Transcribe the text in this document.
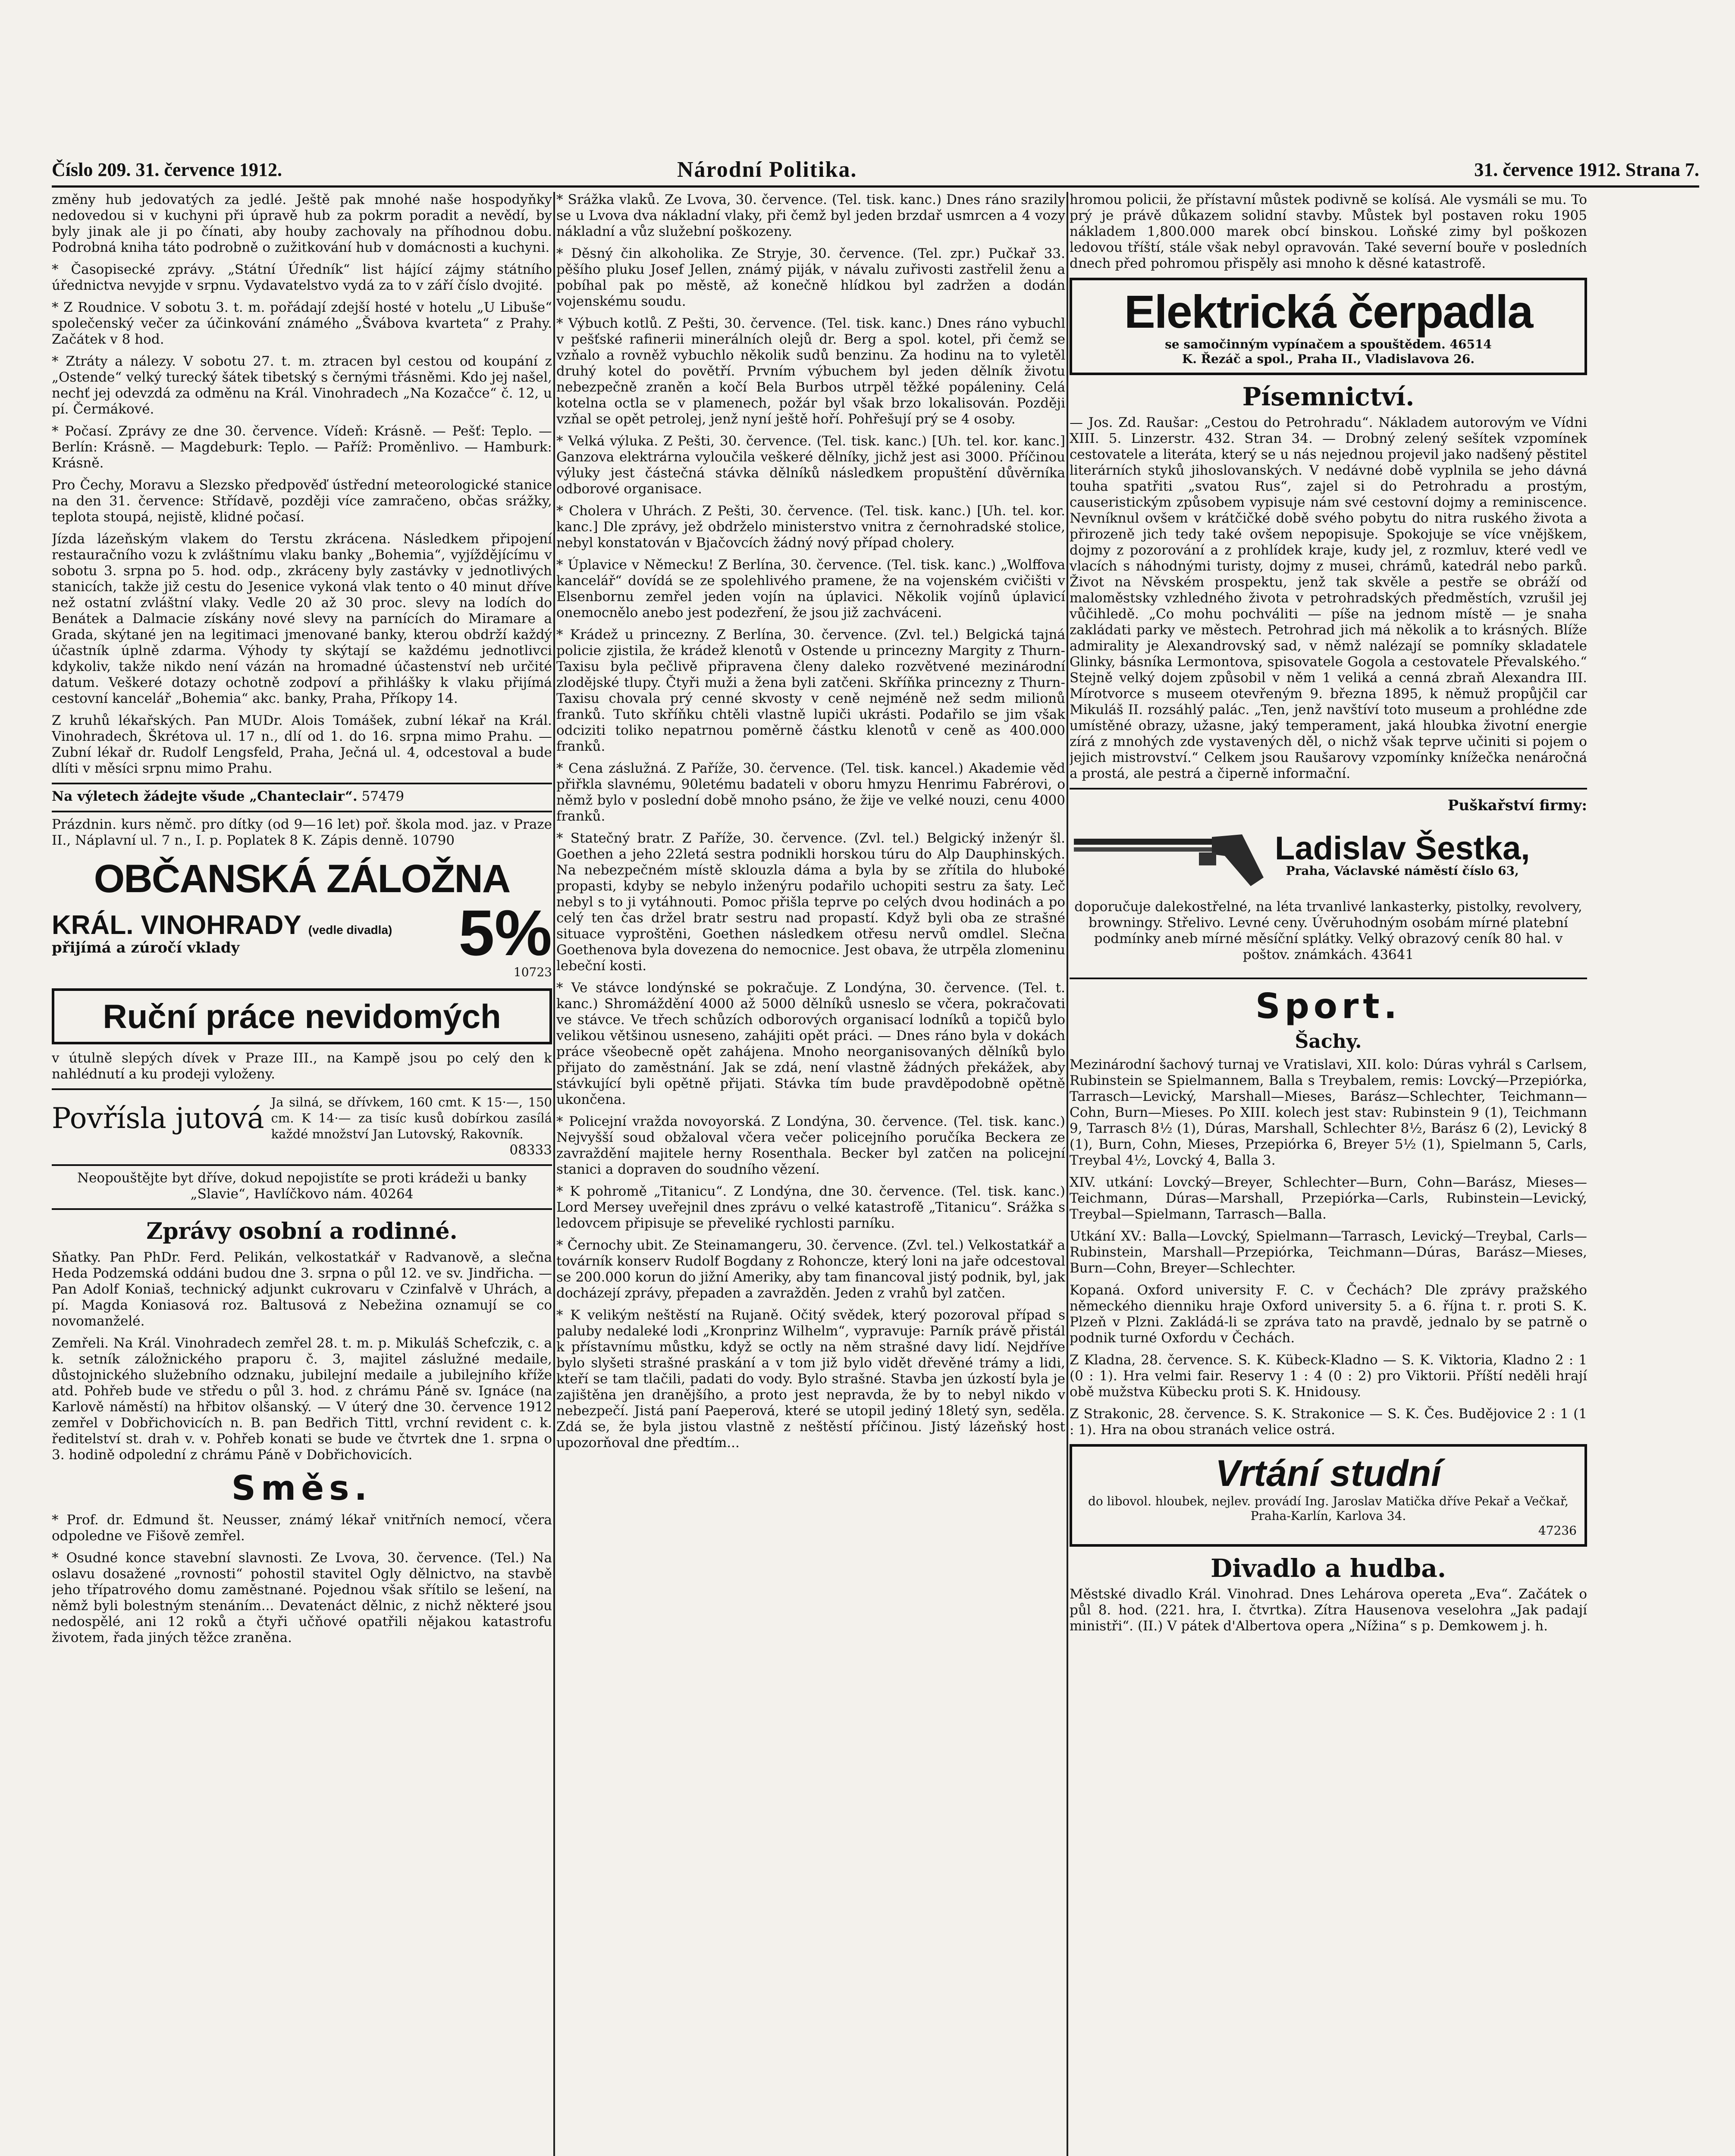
Číslo 209. 31. července 1912.	Národní Politika.	31. července 1912. Strana 7.

změny hub jedovatých za jedlé. Ještě pak mnohé naše hospodyňky nedovedou si v kuchyni při úpravě hub za pokrm poradit a nevědí, by byly jinak ale ji po čínati, aby houby zachovaly na příhodnou dobu. Podrobná kniha táto podrobně o zužitkování hub v domácnosti a kuchyni.

* Časopisecké zprávy. „Státní Úředník“ list hájící zájmy státního úřednictva nevyjde v srpnu. Vydavatelstvo vydá za to v září číslo dvojité.

* Z Roudnice. V sobotu 3. t. m. pořádají zdejší hosté v hotelu „U Libuše“ společenský večer za účinkování známého „Švábova kvarteta“ z Prahy. Začátek v 8 hod.

* Ztráty a nálezy. V sobotu 27. t. m. ztracen byl cestou od koupání z „Ostende“ velký turecký šátek tibetský s černými třásněmi. Kdo jej našel, nechť jej odevzdá za odměnu na Král. Vinohradech „Na Kozačce“ č. 12, u pí. Čermákové.

* Počasí. Zprávy ze dne 30. července. Vídeň: Krásně. — Pešť: Teplo. — Berlín: Krásně. — Magdeburk: Teplo. — Paříž: Proměnlivo. — Hamburk: Krásně.

Pro Čechy, Moravu a Slezsko předpověď ústřední meteorologické stanice na den 31. července: Střídavě, později více zamračeno, občas srážky, teplota stoupá, nejistě, klidné počasí.

Jízda lázeňským vlakem do Terstu zkrácena. Následkem připojení restauračního vozu k zvláštnímu vlaku banky „Bohemia“, vyjíždějícímu v sobotu 3. srpna po 5. hod. odp., zkráceny byly zastávky v jednotlivých stanicích, takže již cestu do Jesenice vykoná vlak tento o 40 minut dříve než ostatní zvláštní vlaky. Vedle 20 až 30 proc. slevy na lodích do Benátek a Dalmacie získány nové slevy na parnících do Miramare a Grada, skýtané jen na legitimaci jmenované banky, kterou obdrží každý účastník úplně zdarma. Výhody ty skýtají se každému jednotlivci kdykoliv, takže nikdo není vázán na hromadné účastenství neb určité datum. Veškeré dotazy ochotně zodpoví a přihlášky k vlaku přijímá cestovní kancelář „Bohemia“ akc. banky, Praha, Příkopy 14.

Z kruhů lékařských. Pan MUDr. Alois Tomášek, zubní lékař na Král. Vinohradech, Škrétova ul. 17 n., dlí od 1. do 16. srpna mimo Prahu. — Zubní lékař dr. Rudolf Lengsfeld, Praha, Ječná ul. 4, odcestoval a bude dlíti v měsíci srpnu mimo Prahu.

Na výletech žádejte všude „Chanteclair“. 57479

Prázdnin. kurs němč. pro dítky (od 9—16 let) poř. škola mod. jaz. v Praze II., Náplavní ul. 7 n., I. p. Poplatek 8 K. Zápis denně. 10790

OBČANSKÁ ZÁLOŽNA
KRÁL. VINOHRADY (vedle divadla)
přijímá a zúročí vklady	5%
10723
Ruční práce nevidomých

v útulně slepých dívek v Praze III., na Kampě jsou po celý den k nahlédnutí a ku prodeji vyloženy.

Povřísla jutová Ja silná, se dřívkem, 160 cmt. K 15·—, 150 cm. K 14·— za tisíc kusů dobírkou zasílá každé množství Jan Lutovský, Rakovník.

08333

Neopouštějte byt dříve, dokud nepojistíte se proti krádeži u banky „Slavie“, Havlíčkovo nám. 40264

Zprávy osobní a rodinné.

Sňatky. Pan PhDr. Ferd. Pelikán, velkostatkář v Radvanově, a slečna Heda Podzemská oddáni budou dne 3. srpna o půl 12. ve sv. Jindřicha. — Pan Adolf Koniaš, technický adjunkt cukrovaru v Czinfalvě v Uhrách, a pí. Magda Koniasová roz. Baltusová z Nebežina oznamují se co novomanželé.

Zemřeli. Na Král. Vinohradech zemřel 28. t. m. p. Mikuláš Schefczik, c. a k. setník záložnického praporu č. 3, majitel záslužné medaile, důstojnického služebního odznaku, jubilejní medaile a jubilejního kříže atd. Pohřeb bude ve středu o půl 3. hod. z chrámu Páně sv. Ignáce (na Karlově náměstí) na hřbitov olšanský. — V úterý dne 30. července 1912 zemřel v Dobřichovicích n. B. pan Bedřich Tittl, vrchní revident c. k. ředitelství st. drah v. v. Pohřeb konati se bude ve čtvrtek dne 1. srpna o 3. hodině odpolední z chrámu Páně v Dobřichovicích.

Směs.

* Prof. dr. Edmund št. Neusser, známý lékař vnitřních nemocí, včera odpoledne ve Fišově zemřel.

* Osudné konce stavební slavnosti. Ze Lvova, 30. července. (Tel.) Na oslavu dosažené „rovnosti“ pohostil stavitel Ogly dělnictvo, na stavbě jeho třípatrového domu zaměstnané. Pojednou však sřítilo se lešení, na němž byli bolestným stenáním... Devatenáct dělnic, z nichž některé jsou nedospělé, ani 12 roků a čtyři učňové opatřili nějakou katastrofu životem, řada jiných těžce zraněna.

* Srážka vlaků. Ze Lvova, 30. července. (Tel. tisk. kanc.) Dnes ráno srazily se u Lvova dva nákladní vlaky, při čemž byl jeden brzdař usmrcen a 4 vozy nákladní a vůz služební poškozeny.

* Děsný čin alkoholika. Ze Stryje, 30. července. (Tel. zpr.) Pučkař 33. pěšího pluku Josef Jellen, známý piják, v návalu zuřivosti zastřelil ženu a pobíhal pak po městě, až konečně hlídkou byl zadržen a dodán vojenskému soudu.

* Výbuch kotlů. Z Pešti, 30. července. (Tel. tisk. kanc.) Dnes ráno vybuchl v pešťské rafinerii minerálních olejů dr. Berg a spol. kotel, při čemž se vzňalo a rovněž vybuchlo několik sudů benzinu. Za hodinu na to vyletěl druhý kotel do povětří. Prvním výbuchem byl jeden dělník životu nebezpečně zraněn a kočí Bela Burbos utrpěl těžké popáleniny. Celá kotelna octla se v plamenech, požár byl však brzo lokalisován. Později vzňal se opět petrolej, jenž nyní ještě hoří. Pohřešují prý se 4 osoby.

* Velká výluka. Z Pešti, 30. července. (Tel. tisk. kanc.) [Uh. tel. kor. kanc.] Ganzova elektrárna vyloučila veškeré dělníky, jichž jest asi 3000. Příčinou výluky jest částečná stávka dělníků následkem propuštění důvěrníka odborové organisace.

* Cholera v Uhrách. Z Pešti, 30. července. (Tel. tisk. kanc.) [Uh. tel. kor. kanc.] Dle zprávy, jež obdrželo ministerstvo vnitra z černohradské stolice, nebyl konstatován v Bjačovcích žádný nový případ cholery.

* Úplavice v Německu! Z Berlína, 30. července. (Tel. tisk. kanc.) „Wolffova kancelář“ dovídá se ze spolehlivého pramene, že na vojenském cvičišti v Elsenbornu zemřel jeden vojín na úplavici. Několik vojínů úplavicí onemocnělo anebo jest podezření, že jsou již zachváceni.

* Krádež u princezny. Z Berlína, 30. července. (Zvl. tel.) Belgická tajná policie zjistila, že krádež klenotů v Ostende u princezny Margity z Thurn-Taxisu byla pečlivě připravena členy daleko rozvětvené mezinárodní zlodějské tlupy. Čtyři muži a žena byli zatčeni. Skříňka princezny z Thurn-Taxisu chovala prý cenné skvosty v ceně nejméně než sedm milionů franků. Tuto skříňku chtěli vlastně lupiči ukrásti. Podařilo se jim však odciziti toliko nepatrnou poměrně částku klenotů v ceně as 400.000 franků.

* Cena záslužná. Z Paříže, 30. července. (Tel. tisk. kancel.) Akademie věd přiřkla slavnému, 90letému badateli v oboru hmyzu Henrimu Fabrérovi, o němž bylo v poslední době mnoho psáno, že žije ve velké nouzi, cenu 4000 franků.

* Statečný bratr. Z Paříže, 30. července. (Zvl. tel.) Belgický inženýr šl. Goethen a jeho 22letá sestra podnikli horskou túru do Alp Dauphinských. Na nebezpečném místě sklouzla dáma a byla by se zřítila do hluboké propasti, kdyby se nebylo inženýru podařilo uchopiti sestru za šaty. Leč nebyl s to ji vytáhnouti. Pomoc přišla teprve po celých dvou hodinách a po celý ten čas držel bratr sestru nad propastí. Když byli oba ze strašné situace vyproštěni, Goethen následkem otřesu nervů omdlel. Slečna Goethenova byla dovezena do nemocnice. Jest obava, že utrpěla zlomeninu lebeční kosti.

* Ve stávce londýnské se pokračuje. Z Londýna, 30. července. (Tel. t. kanc.) Shromáždění 4000 až 5000 dělníků usneslo se včera, pokračovati ve stávce. Ve třech schůzích odborových organisací lodníků a topičů bylo velikou většinou usneseno, zahájiti opět práci. — Dnes ráno byla v dokách práce všeobecně opět zahájena. Mnoho neorganisovaných dělníků bylo přijato do zaměstnání. Jak se zdá, není vlastně žádných překážek, aby stávkující byli opětně přijati. Stávka tím bude pravděpodobně opětně ukončena.

* Policejní vražda novoyorská. Z Londýna, 30. července. (Tel. tisk. kanc.) Nejvyšší soud obžaloval včera večer policejního poručíka Beckera ze zavraždění majitele herny Rosenthala. Becker byl zatčen na policejní stanici a dopraven do soudního vězení.

* K pohromě „Titanicu“. Z Londýna, dne 30. července. (Tel. tisk. kanc.) Lord Mersey uveřejnil dnes zprávu o velké katastrofě „Titanicu“. Srážka s ledovcem připisuje se převeliké rychlosti parníku.

* Černochy ubit. Ze Steinamangeru, 30. července. (Zvl. tel.) Velkostatkář a továrník konserv Rudolf Bogdany z Rohoncze, který loni na jaře odcestoval se 200.000 korun do jižní Ameriky, aby tam financoval jistý podnik, byl, jak docházejí zprávy, přepaden a zavražděn. Jeden z vrahů byl zatčen.

* K velikým neštěstí na Rujaně. Očitý svědek, který pozoroval případ s paluby nedaleké lodi „Kronprinz Wilhelm“, vypravuje: Parník právě přistál k přístavnímu můstku, když se octly na něm strašné davy lidí. Nejdříve bylo slyšeti strašné praskání a v tom již bylo vidět dřevěné trámy a lidi, kteří se tam tlačili, padati do vody. Bylo strašné. Stavba jen úzkostí byla je zajištěna jen dranějšího, a proto jest nepravda, že by to nebyl nikdo v nebezpečí. Jistá paní Paeperová, které se utopil jediný 18letý syn, seděla. Zdá se, že byla jistou vlastně z neštěstí příčinou. Jistý lázeňský host upozorňoval dne předtím...

hromou policii, že přístavní můstek podivně se kolísá. Ale vysmáli se mu. To prý je právě důkazem solidní stavby. Můstek byl postaven roku 1905 nákladem 1,800.000 marek obcí binskou. Loňské zimy byl poškozen ledovou tříští, stále však nebyl opravován. Také severní bouře v posledních dnech před pohromou přispěly asi mnoho k děsné katastrofě.

Elektrická čerpadla
se samočinným vypínačem a spouštědem. 46514
K. Řezáč a spol., Praha II., Vladislavova 26.
Písemnictví.

— Jos. Zd. Raušar: „Cestou do Petrohradu“. Nákladem autorovým ve Vídni XIII. 5. Linzerstr. 432. Stran 34. — Drobný zelený sešítek vzpomínek cestovatele a literáta, který se u nás nejednou projevil jako nadšený pěstitel literárních styků jihoslovanských. V nedávné době vyplnila se jeho dávná touha spatřiti „svatou Rus“, zajel si do Petrohradu a prostým, causeristickým způsobem vypisuje nám své cestovní dojmy a reminiscence. Nevníknul ovšem v krátčičké době svého pobytu do nitra ruského života a přirozeně jich tedy také ovšem nepopisuje. Spokojuje se více vnějškem, dojmy z pozorování a z prohlídek kraje, kudy jel, z rozmluv, které vedl ve vlacích s náhodnými turisty, dojmy z musei, chrámů, katedrál nebo parků. Život na Něvském prospektu, jenž tak skvěle a pestře se obráží od maloměstsky vzhledného života v petrohradských předměstích, vzrušil jej vůčihledě. „Co mohu pochváliti — píše na jednom místě — je snaha zakládati parky ve městech. Petrohrad jich má několik a to krásných. Blíže admirality je Alexandrovský sad, v němž nalézají se pomníky skladatele Glinky, básníka Lermontova, spisovatele Gogola a cestovatele Převalského.“ Stejně velký dojem způsobil v něm 1 veliká a cenná zbraň Alexandra III. Mírotvorce s museem otevřeným 9. března 1895, k němuž propůjčil car Mikuláš II. rozsáhlý palác. „Ten, jenž navštíví toto museum a prohlédne zde umístěné obrazy, užasne, jaký temperament, jaká hloubka životní energie zírá z mnohých zde vystavených děl, o nichž však teprve učiniti si pojem o jejich mistrovství.“ Celkem jsou Raušarovy vzpomínky knížečka nenáročná a prostá, ale pestrá a čiperně informační.

Puškařství firmy:
Ladislav Šestka,
Praha, Václavské náměstí číslo 63,

doporučuje dalekostřelné, na léta trvanlivé lankasterky, pistolky, revolvery, browningy. Střelivo. Levné ceny. Úvěruhodným osobám mírné platební podmínky aneb mírné měsíční splátky. Velký obrazový ceník 80 hal. v poštov. známkách. 43641

Sport.
Šachy.

Mezinárodní šachový turnaj ve Vratislavi, XII. kolo: Dúras vyhrál s Carlsem, Rubinstein se Spielmannem, Balla s Treybalem, remis: Lovcký—Przepiórka, Tarrasch—Levický, Marshall—Mieses, Barász—Schlechter, Teichmann—Cohn, Burn—Mieses. Po XIII. kolech jest stav: Rubinstein 9 (1), Teichmann 9, Tarrasch 8½ (1), Dúras, Marshall, Schlechter 8½, Barász 6 (2), Levický 8 (1), Burn, Cohn, Mieses, Przepiórka 6, Breyer 5½ (1), Spielmann 5, Carls, Treybal 4½, Lovcký 4, Balla 3.

XIV. utkání: Lovcký—Breyer, Schlechter—Burn, Cohn—Barász, Mieses—Teichmann, Dúras—Marshall, Przepiórka—Carls, Rubinstein—Levický, Treybal—Spielmann, Tarrasch—Balla.

Utkání XV.: Balla—Lovcký, Spielmann—Tarrasch, Levický—Treybal, Carls—Rubinstein, Marshall—Przepiórka, Teichmann—Dúras, Barász—Mieses, Burn—Cohn, Breyer—Schlechter.

Kopaná. Oxford university F. C. v Čechách? Dle zprávy pražského německého dienniku hraje Oxford university 5. a 6. října t. r. proti S. K. Plzeň v Plzni. Zakládá-li se zpráva tato na pravdě, jednalo by se patrně o podnik turné Oxfordu v Čechách.

Z Kladna, 28. července. S. K. Kübeck-Kladno — S. K. Viktoria, Kladno 2 : 1 (0 : 1). Hra velmi fair. Reservy 1 : 4 (0 : 2) pro Viktorii. Příští neděli hrají obě mužstva Kübecku proti S. K. Hnidousy.

Z Strakonic, 28. července. S. K. Strakonice — S. K. Čes. Budějovice 2 : 1 (1 : 1). Hra na obou stranách velice ostrá.

Vrtání studní
do libovol. hloubek, nejlev. provádí Ing. Jaroslav Matička dříve Pekař a Večkař, Praha-Karlín, Karlova 34.
47236
Divadlo a hudba.

Městské divadlo Král. Vinohrad. Dnes Lehárova opereta „Eva“. Začátek o půl 8. hod. (221. hra, I. čtvrtka). Zítra Hausenova veselohra „Jak padají ministři“. (II.) V pátek d'Albertova opera „Nížina“ s p. Demkowem j. h.
